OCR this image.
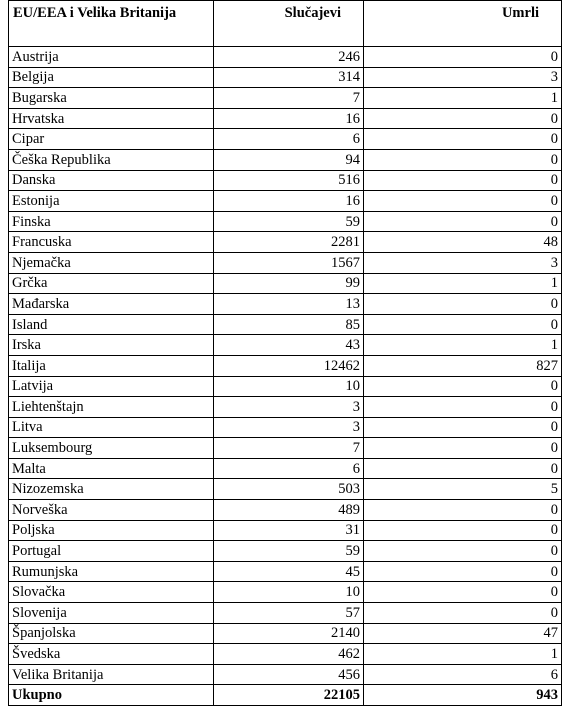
EU/EEA i Velika Britanija	Slučajevi	Umrli
Austrija	246	0
Belgija	314	3
Bugarska	7	1
Hrvatska	16	0
Cipar	6	0
Češka Republika	94	0
Danska	516	0
Estonija	16	0
Finska	59	0
Francuska	2281	48
Njemačka	1567	3
Grčka	99	1
Mađarska	13	0
Island	85	0
Irska	43	1
Italija	12462	827
Latvija	10	0
Liehtenštajn	3	0
Litva	3	0
Luksembourg	7	0
Malta	6	0
Nizozemska	503	5
Norveška	489	0
Poljska	31	0
Portugal	59	0
Rumunjska	45	0
Slovačka	10	0
Slovenija	57	0
Španjolska	2140	47
Švedska	462	1
Velika Britanija	456	6
Ukupno	22105	943
